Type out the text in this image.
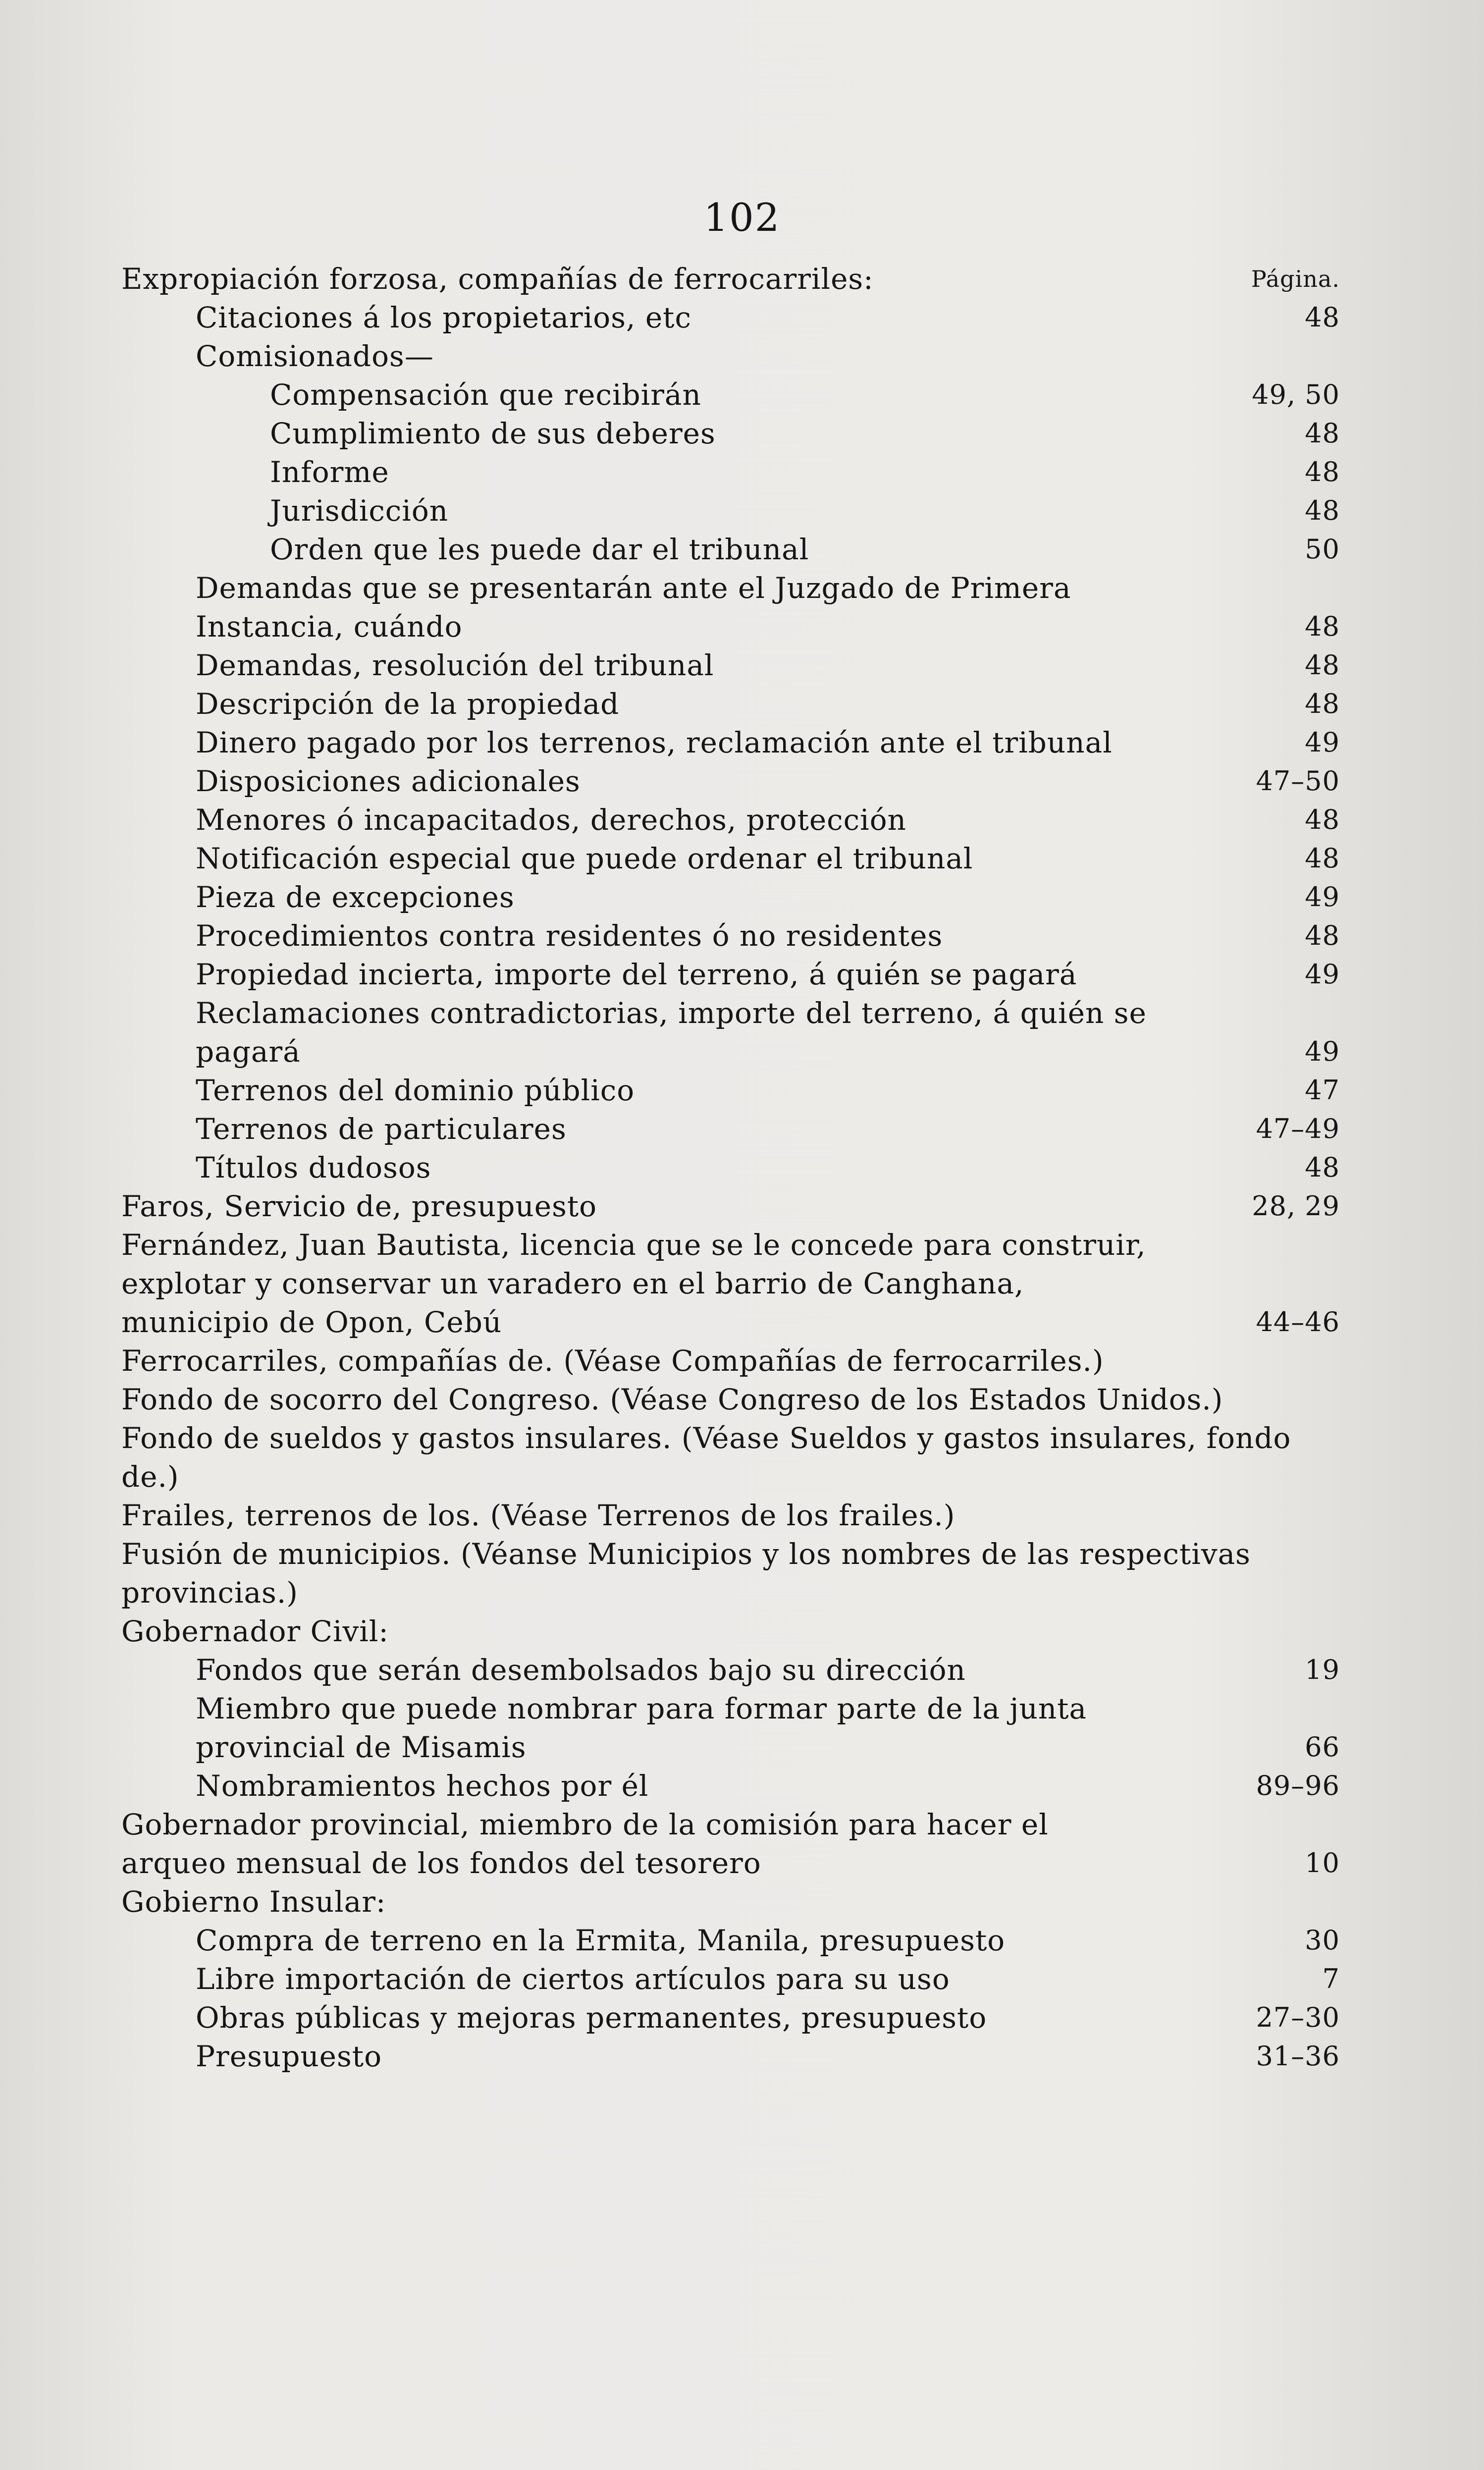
102
Expropiación forzosa, compañías de ferrocarriles:	Página.
Citaciones á los propietarios, etc	48
Comisionados—
Compensación que recibirán	49, 50
Cumplimiento de sus deberes	48
Informe	48
Jurisdicción	48
Orden que les puede dar el tribunal	50
Demandas que se presentarán ante el Juzgado de Primera Instancia, cuándo	48
Demandas, resolución del tribunal	48
Descripción de la propiedad	48
Dinero pagado por los terrenos, reclamación ante el tribunal	49
Disposiciones adicionales	47–50
Menores ó incapacitados, derechos, protección	48
Notificación especial que puede ordenar el tribunal	48
Pieza de excepciones	49
Procedimientos contra residentes ó no residentes	48
Propiedad incierta, importe del terreno, á quién se pagará	49
Reclamaciones contradictorias, importe del terreno, á quién se pagará	49
Terrenos del dominio público	47
Terrenos de particulares	47–49
Títulos dudosos	48
Faros, Servicio de, presupuesto	28, 29
Fernández, Juan Bautista, licencia que se le concede para construir, explotar y conservar un varadero en el barrio de Canghana, municipio de Opon, Cebú	44–46
Ferrocarriles, compañías de. (Véase Compañías de ferrocarriles.)
Fondo de socorro del Congreso. (Véase Congreso de los Estados Unidos.)
Fondo de sueldos y gastos insulares. (Véase Sueldos y gastos insulares, fondo de.)
Frailes, terrenos de los. (Véase Terrenos de los frailes.)
Fusión de municipios. (Véanse Municipios y los nombres de las respectivas provincias.)
Gobernador Civil:
Fondos que serán desembolsados bajo su dirección	19
Miembro que puede nombrar para formar parte de la junta provincial de Misamis	66
Nombramientos hechos por él	89–96
Gobernador provincial, miembro de la comisión para hacer el arqueo mensual de los fondos del tesorero	10
Gobierno Insular:
Compra de terreno en la Ermita, Manila, presupuesto	30
Libre importación de ciertos artículos para su uso	7
Obras públicas y mejoras permanentes, presupuesto	27–30
Presupuesto	31–36
